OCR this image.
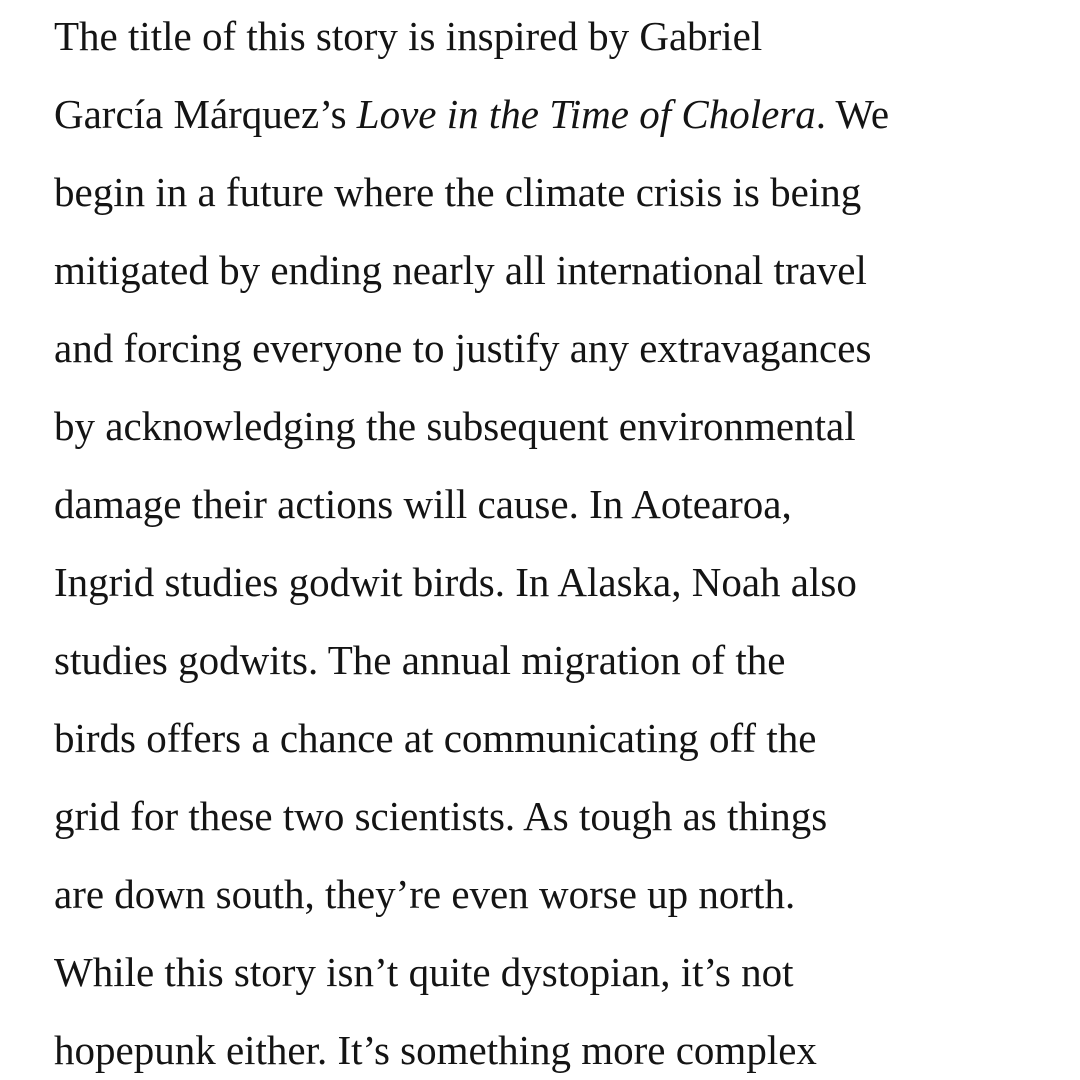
The title of this story is inspired by Gabriel
García Márquez’s Love in the Time of Cholera. We
begin in a future where the climate crisis is being
mitigated by ending nearly all international travel
and forcing everyone to justify any extravagances
by acknowledging the subsequent environmental
damage their actions will cause. In Aotearoa,
Ingrid studies godwit birds. In Alaska, Noah also
studies godwits. The annual migration of the
birds offers a chance at communicating off the
grid for these two scientists. As tough as things
are down south, they’re even worse up north.
While this story isn’t quite dystopian, it’s not
hopepunk either. It’s something more complex
